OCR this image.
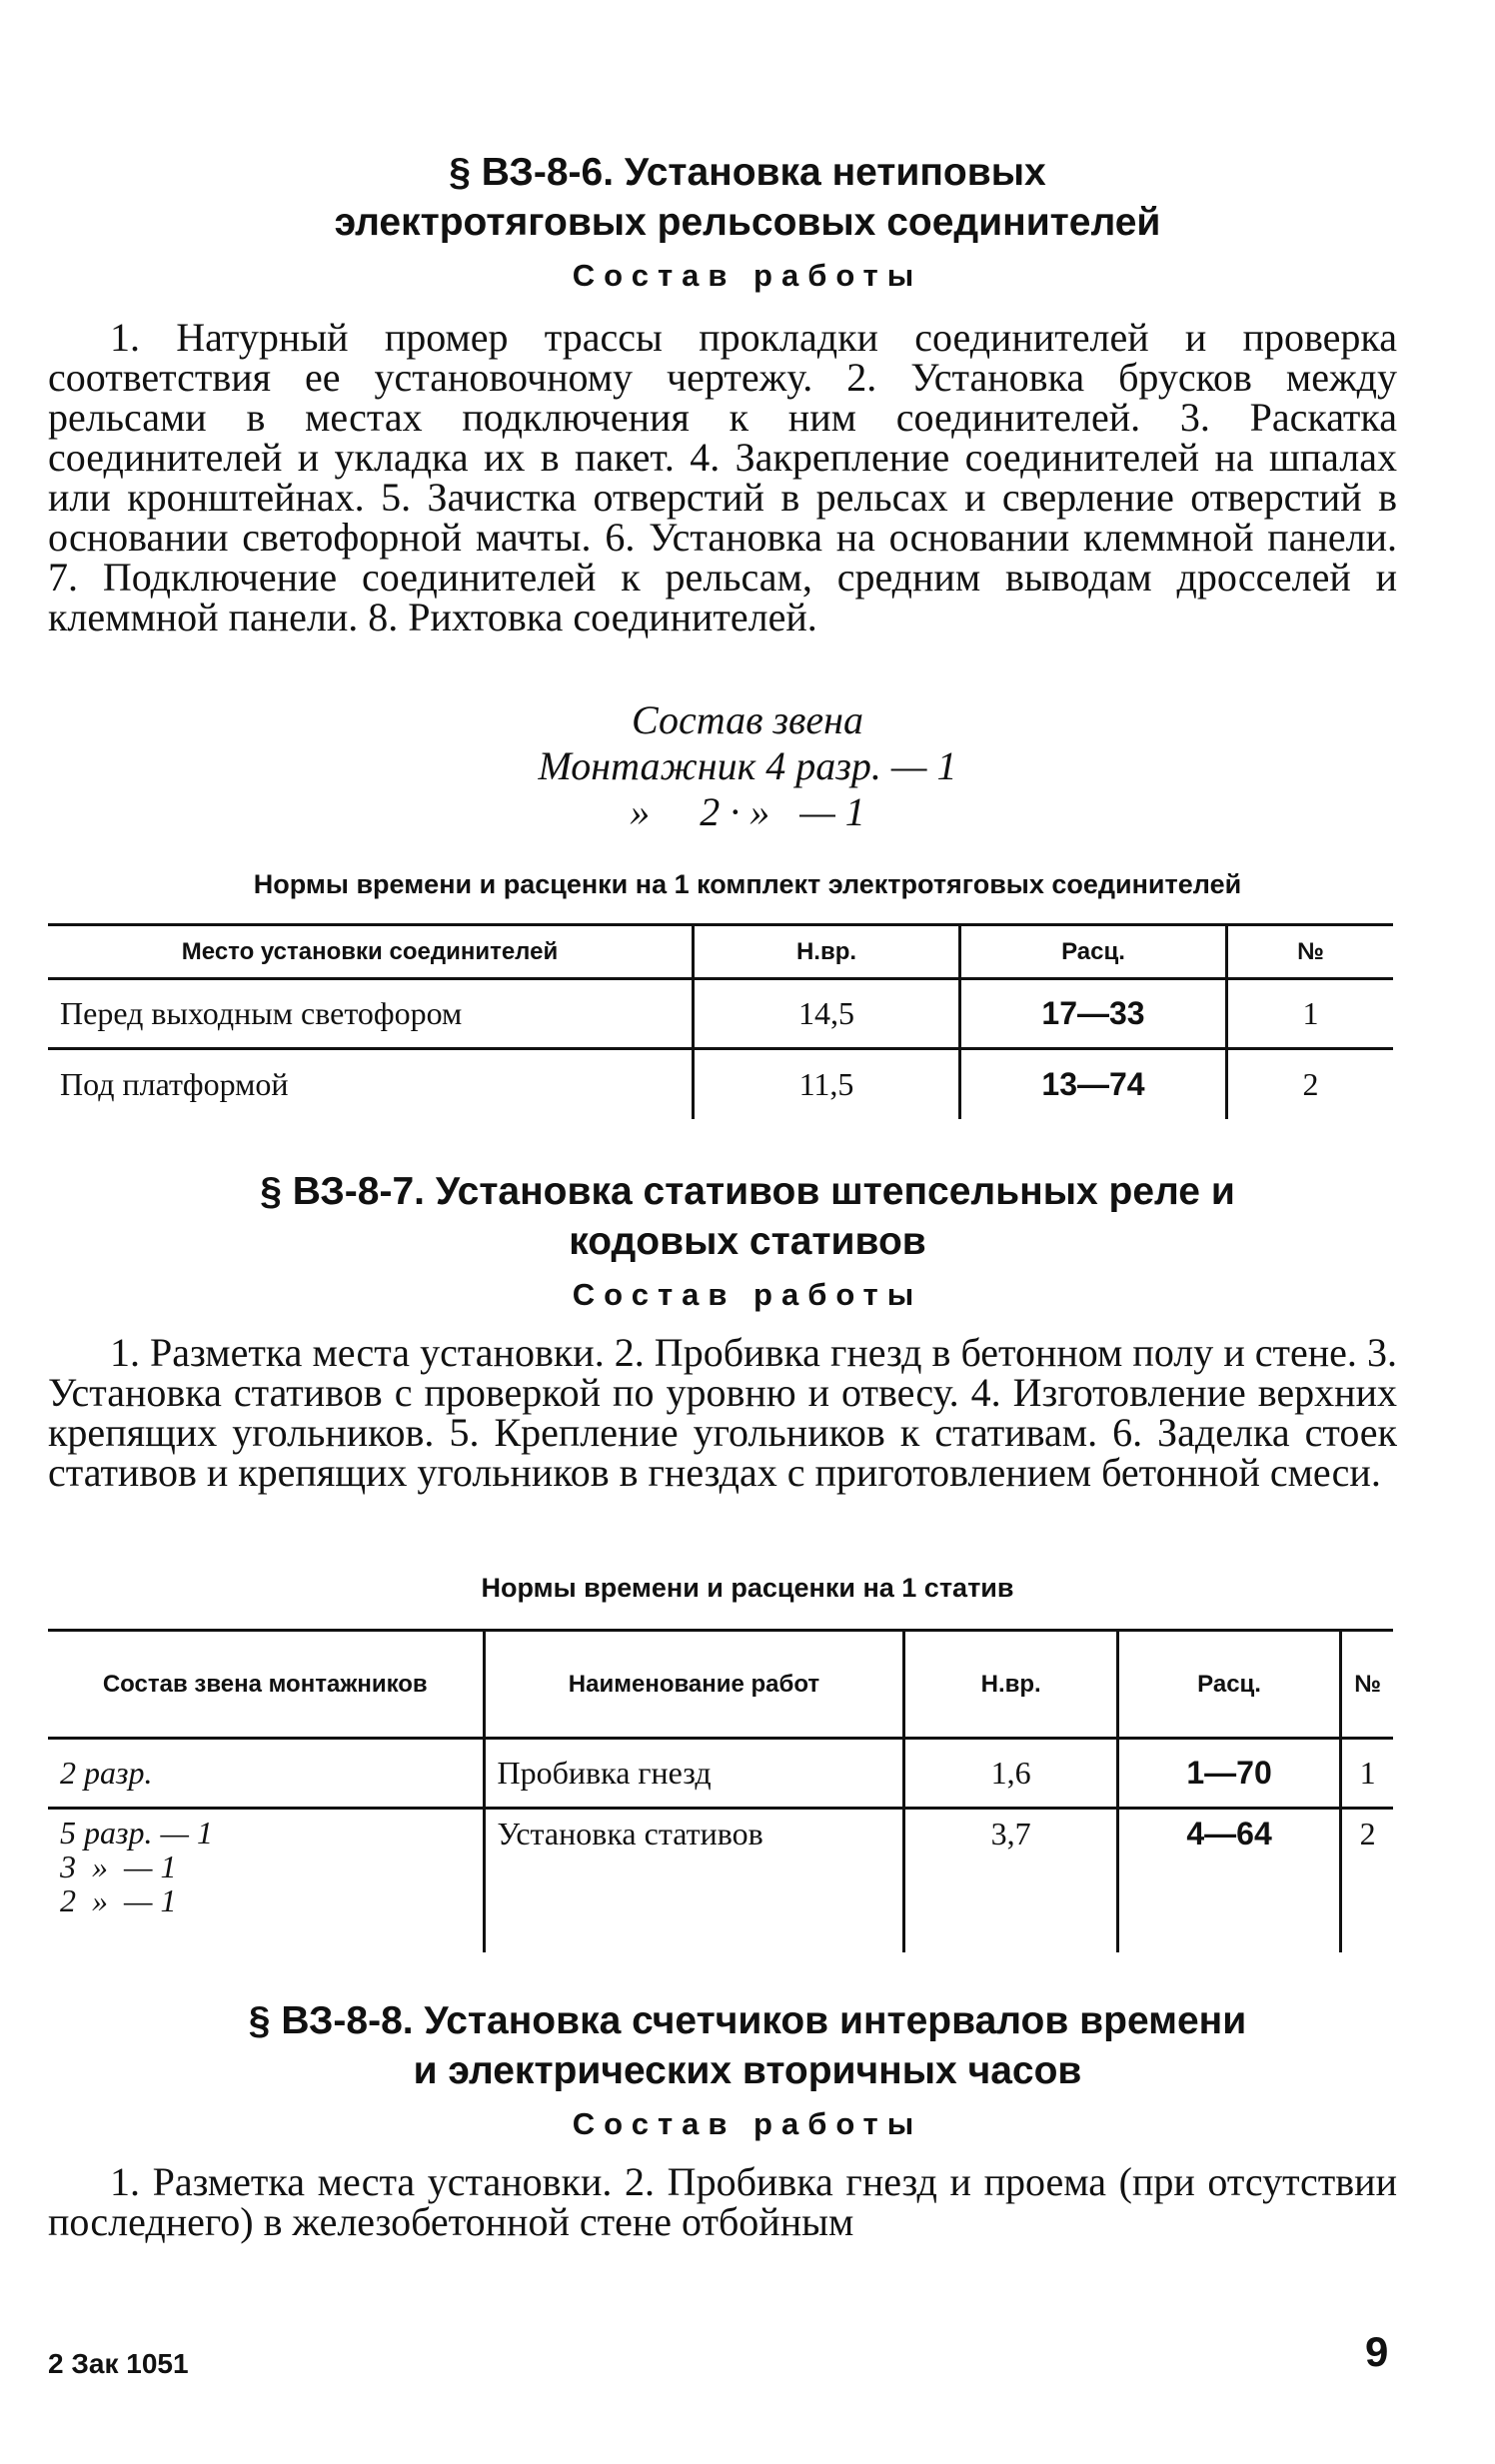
§ ВЗ-8-6. Установка нетиповых
электротяговых рельсовых соединителей
Состав работы

1. Натурный промер трассы прокладки соединителей и проверка соответствия ее установочному чертежу. 2. Установка брусков между рельсами в местах подключения к ним соединителей. 3. Раскатка соединителей и укладка их в пакет. 4. Закрепление соединителей на шпалах или кронштейнах. 5. Зачистка отверстий в рельсах и сверление отверстий в основании светофорной мачты. 6. Установка на основании клеммной панели. 7. Подключение соединителей к рельсам, средним выводам дросселей и клеммной панели. 8. Рихтовка соединителей.

Состав звена
Монтажник 4 разр. — 1
»     2 · »   — 1
Нормы времени и расценки на 1 комплект электротяговых соединителей
Место установки соединителей	Н.вр.	Расц.	№
Перед выходным светофором	14,5	17—33	1
Под платформой	11,5	13—74	2
§ ВЗ-8-7. Установка стативов штепсельных реле и
кодовых стативов
Состав работы

1. Разметка места установки. 2. Пробивка гнезд в бетонном полу и стене. 3. Установка стативов с проверкой по уровню и отвесу. 4. Изготовление верхних крепящих угольников. 5. Крепление угольников к стативам. 6. Заделка стоек стативов и крепящих угольников в гнездах с приготовлением бетонной смеси.

Нормы времени и расценки на 1 статив
Состав звена монтажников	Наименование работ	Н.вр.	Расц.	№
2 разр.	Пробивка гнезд	1,6	1—70	1
5 разр. — 1
3  »  — 1
2  »  — 1	Установка стативов	3,7	4—64	2
§ ВЗ-8-8. Установка счетчиков интервалов времени
и электрических вторичных часов
Состав работы

1. Разметка места установки. 2. Пробивка гнезд и проема (при отсутствии последнего) в железобетонной стене отбойным

2 Зак 1051	9
